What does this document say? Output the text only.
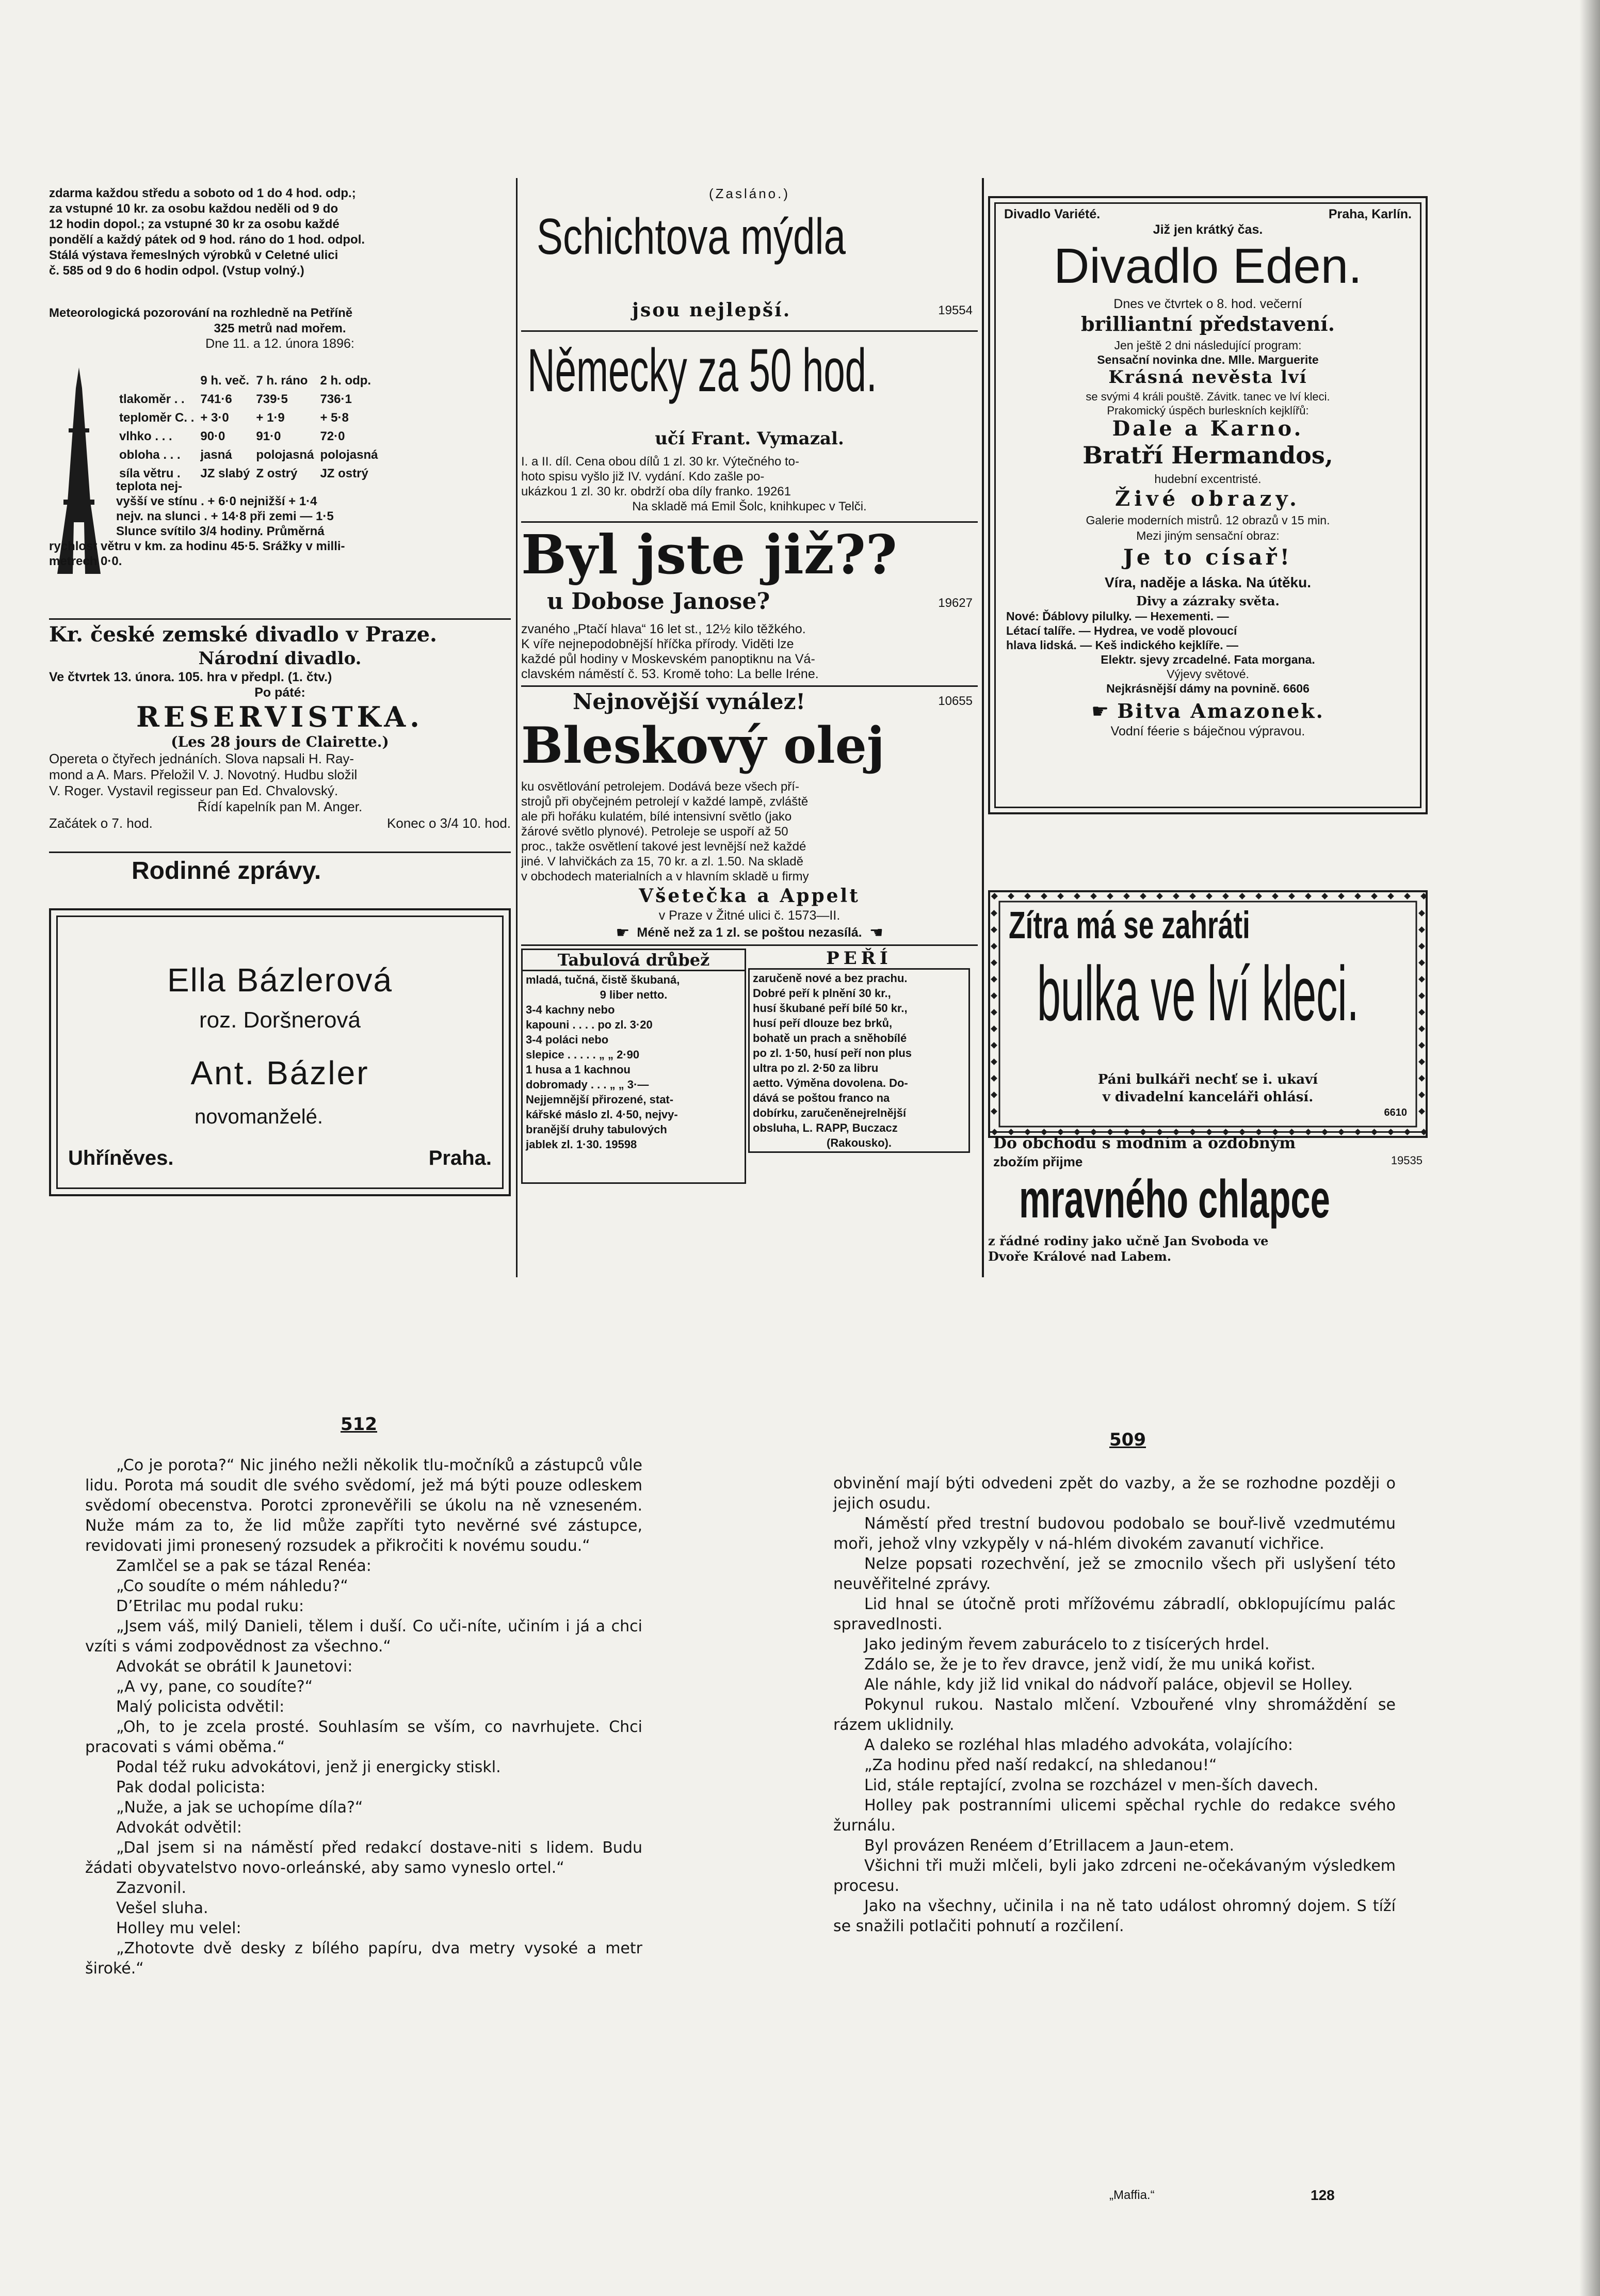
zdarma každou středu a soboto od 1 do 4 hod. odp.;

za vstupné 10 kr. za osobu každou neděli od 9 do

12 hodin dopol.; za vstupné 30 kr za osobu každé

pondělí a každý pátek od 9 hod. ráno do 1 hod. odpol.

Stálá výstava řemeslných výrobků v Celetné ulici

č. 585 od 9 do 6 hodin odpol. (Vstup volný.)

Meteorologická pozorování na rozhledně na Petříně
325 metrů nad mořem.
Dne 11. a 12. února 1896:
	9 h. več.	7 h. ráno	2 h. odp.
tlakoměr . .	741·6	739·5	736·1
teploměr C. .	+ 3·0	+ 1·9	+ 5·8
vlhko . . .	90·0	91·0	72·0
obloha . . .	jasná	polojasná	polojasná
síla větru .	JZ slabý	Z ostrý	JZ ostrý

teplota nej-

vyšší ve stínu . + 6·0 nejnižší + 1·4

nejv. na slunci . + 14·8 při zemi — 1·5

Slunce svítilo 3/4 hodiny. Průměrná

rychlost větru v km. za hodinu 45·5. Srážky v milli-

metrech 0·0.

Kr. české zemské divadlo v Praze.
Národní divadlo.
Ve čtvrtek 13. února. 105. hra v předpl. (1. čtv.)
Po páté:
RESERVISTKA.
(Les 28 jours de Clairette.)
Opereta o čtyřech jednáních. Slova napsali H. Ray-
mond a A. Mars. Přeložil V. J. Novotný. Hudbu složil
V. Roger. Vystavil regisseur pan Ed. Chvalovský.
Řídí kapelník pan M. Anger.
Začátek o 7. hod.	Konec o 3/4 10. hod.
Rodinné zprávy.
Ella Bázlerová
roz. Doršnerová
Ant. Bázler
novomanželé.
Uhříněves.	Praha.
(Zasláno.)
Schichtova mýdla
jsou nejlepší.	19554
Německy za 50 hod.
učí Frant. Vymazal.
I. a II. díl. Cena obou dílů 1 zl. 30 kr. Výtečného to-
hoto spisu vyšlo již IV. vydání. Kdo zašle po-
ukázkou 1 zl. 30 kr. obdrží oba díly franko. 19261
Na skladě má Emil Šolc, knihkupec v Telči.
Byl jste již??
u Dobose Janose?	19627
zvaného „Ptačí hlava“ 16 let st., 12½ kilo těžkého.
K víře nejnepodobnější hříčka přírody. Viděti lze
každé půl hodiny v Moskevském panoptiknu na Vá-
clavském náměstí č. 53. Kromě toho: La belle Iréne.
Nejnovější vynález!	10655
Bleskový olej
ku osvětlování petrolejem. Dodává beze všech pří-
strojů při obyčejném petrolejí v každé lampě, zvláště
ale při hořáku kulatém, bílé intensivní světlo (jako
žárové světlo plynové). Petroleje se uspoří až 50
proc., takže osvětlení takové jest levnější než každé
jiné. V lahvičkách za 15, 70 kr. a zl. 1.50. Na skladě
v obchodech materialních a v hlavním skladě u firmy
Všetečka a Appelt
v Praze v Žitné ulici č. 1573—II.
☛ Méně než za 1 zl. se poštou nezasílá. ☛
Tabulová drůbež
mladá, tučná, čistě škubaná,
9 liber netto.
3-4 kachny nebo
kapouni . . . . po zl. 3·20
3-4 poláci nebo
slepice . . . . . „ „ 2·90
1 husa a 1 kachnou
dobromady . . . „ „ 3·—
Nejjemnější přirozené, stat-
kářské máslo zl. 4·50, nejvy-
branější druhy tabulových
jablek zl. 1·30. 19598
PEŘÍ
zaručeně nové a bez prachu.
Dobré peří k plnění 30 kr.,
husí škubané peří bílé 50 kr.,
husí peří dlouze bez brků,
bohatě un prach a sněhobílé
po zl. 1·50, husí peří non plus
ultra po zl. 2·50 za libru
aetto. Výměna dovolena. Do-
dává se poštou franco na
dobírku, zaručeněnejrelnější
obsluha, L. RAPP, Buczacz
(Rakousko).
Divadlo Variété.	Praha, Karlín.
Již jen krátký čas.
Divadlo Eden.
Dnes ve čtvrtek o 8. hod. večerní
brilliantní představení.
Jen ještě 2 dni následující program:
Sensační novinka dne. Mlle. Marguerite
Krásná nevěsta lví
se svými 4 králi pouště. Závitk. tanec ve lví kleci.
Prakomický úspěch burleskních kejklířů:
Dale a Karno.
Bratří Hermandos,
hudební excentristé.
Živé obrazy.
Galerie moderních mistrů. 12 obrazů v 15 min.
Mezi jiným sensační obraz:
Je to císař!
Víra, naděje a láska. Na útěku.
Divy a zázraky světa.
Nové: Ďáblovy pilulky. — Hexementi. —
Létací talíře. — Hydrea, ve vodě plovoucí
hlava lidská. — Keš indického kejklíře. —
Elektr. sjevy zrcadelné. Fata morgana.
Výjevy světové.
Nejkrásnější dámy na povnině. 6606
☛ Bitva Amazonek.
Vodní féerie s báječnou výpravou.
Zítra má se zahráti
bulka ve lví kleci.
Páni bulkáři nechť se i. ukaví
v divadelní kanceláři ohlásí.
6610
Do obchodu s modním a ozdobným
zbožím přijme	19535
mravného chlapce
z řádné rodiny jako učně Jan Svoboda ve
Dvoře Králové nad Labem.
512
509

„Co je porota?“ Nic jiného nežli několik tlu-močníků a zástupců vůle lidu. Porota má soudit dle svého svědomí, jež má býti pouze odleskem svědomí obecenstva. Porotci zpronevěřili se úkolu na ně vzneseném. Nuže mám za to, že lid může zapříti tyto nevěrné své zástupce, revidovati jimi pronesený rozsudek a přikročiti k novému soudu.“

Zamlčel se a pak se tázal Renéa:

„Co soudíte o mém náhledu?“

D’Etrilac mu podal ruku:

„Jsem váš, milý Danieli, tělem i duší. Co uči-níte, učiním i já a chci vzíti s vámi zodpovědnost za všechno.“

Advokát se obrátil k Jaunetovi:

„A vy, pane, co soudíte?“

Malý policista odvětil:

„Oh, to je zcela prosté. Souhlasím se vším, co navrhujete. Chci pracovati s vámi oběma.“

Podal též ruku advokátovi, jenž ji energicky stiskl.

Pak dodal policista:

„Nuže, a jak se uchopíme díla?“

Advokát odvětil:

„Dal jsem si na náměstí před redakcí dostave-niti s lidem. Budu žádati obyvatelstvo novo-orleánské, aby samo vyneslo ortel.“

Zazvonil.

Vešel sluha.

Holley mu velel:

„Zhotovte dvě desky z bílého papíru, dva metry vysoké a metr široké.“

obvinění mají býti odvedeni zpět do vazby, a že se rozhodne později o jejich osudu.

Náměstí před trestní budovou podobalo se bouř-livě vzedmutému moři, jehož vlny vzkypěly v ná-hlém divokém zavanutí vichřice.

Nelze popsati rozechvění, jež se zmocnilo všech při uslyšení této neuvěřitelné zprávy.

Lid hnal se útočně proti mřížovému zábradlí, obklopujícímu palác spravedlnosti.

Jako jediným řevem zaburácelo to z tisícerých hrdel.

Zdálo se, že je to řev dravce, jenž vidí, že mu uniká kořist.

Ale náhle, kdy již lid vnikal do nádvoří paláce, objevil se Holley.

Pokynul rukou. Nastalo mlčení. Vzbouřené vlny shromáždění se rázem uklidnily.

A daleko se rozléhal hlas mladého advokáta, volajícího:

„Za hodinu před naší redakcí, na shledanou!“

Lid, stále reptající, zvolna se rozcházel v men-ších davech.

Holley pak postranními ulicemi spěchal rychle do redakce svého žurnálu.

Byl provázen Renéem d’Etrillacem a Jaun-etem.

Všichni tři muži mlčeli, byli jako zdrceni ne-očekávaným výsledkem procesu.

Jako na všechny, učinila i na ně tato událost ohromný dojem. S tíží se snažili potlačiti pohnutí a rozčilení.

„Maffia.“	128
